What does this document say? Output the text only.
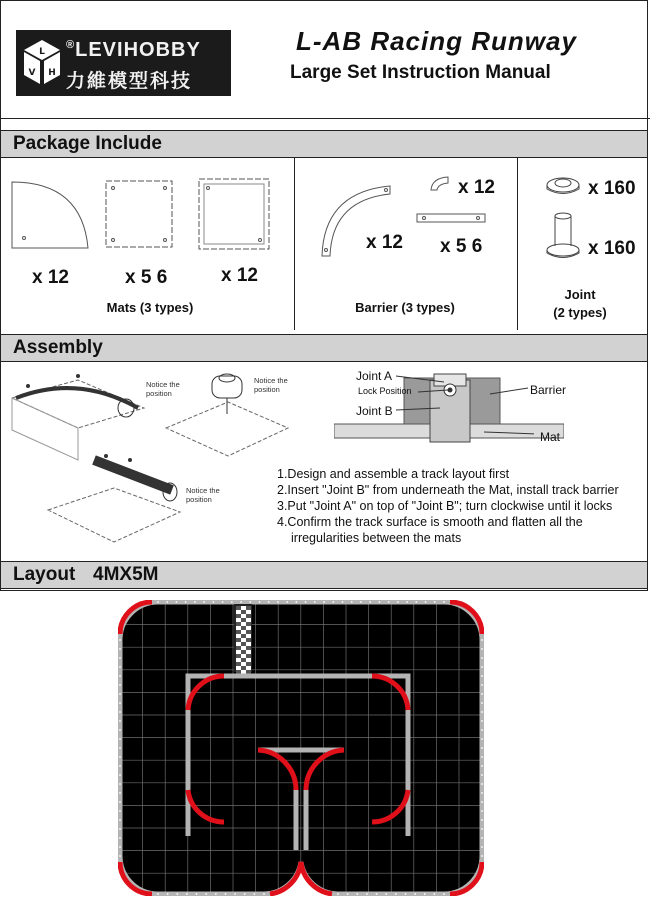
L
V H
®LEVIHOBBY
力維模型科技
L-AB Racing Runway
Large Set Instruction Manual
Package Include
x 12	x 5 6	x 12
Mats (3 types)
x 12
x 12
x 5 6
Barrier (3 types)
x 160
x 160
Joint
(2 types)
Assembly
Notice the position
Notice the position
Notice the position
Joint A
Lock Position
Joint B
Barrier
Mat
1.Design and assemble a track layout first
2.Insert "Joint B" from underneath the Mat, install track barrier
3.Put "Joint A" on top of "Joint B"; turn clockwise until it locks
4.Confirm the track surface is smooth and flatten all the
irregularities between the mats
Layout 4MX5M
